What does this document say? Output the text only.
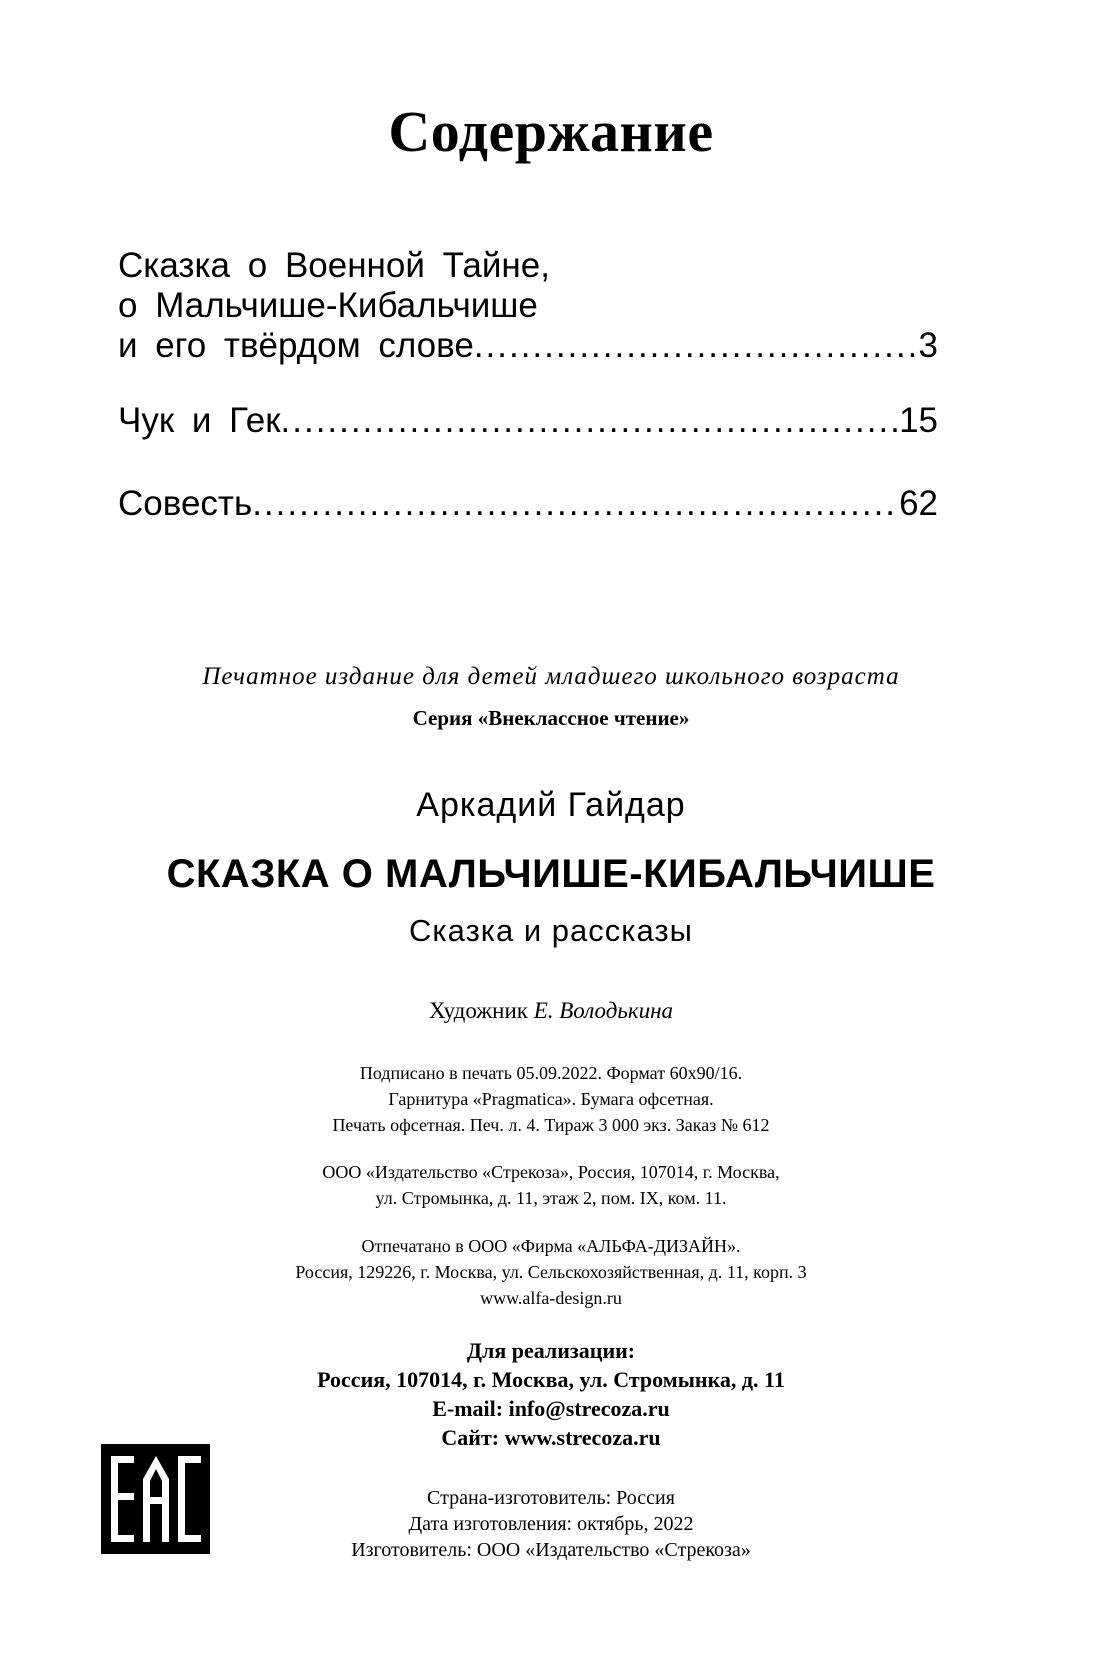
Содержание
Сказка о Военной Тайне,
о Мальчише-Кибальчише
и его твёрдом слове .....	3
Чук и Гек .....	15
Совесть .....	62
Печатное издание для детей младшего школьного возраста
Серия «Внеклассное чтение»
Аркадий Гайдар
СКАЗКА О МАЛЬЧИШЕ-КИБАЛЬЧИШЕ
Сказка и рассказы
Художник Е. Володькина
Подписано в печать 05.09.2022. Формат 60х90/16.
Гарнитура «Pragmatica». Бумага офсетная.
Печать офсетная. Печ. л. 4. Тираж 3 000 экз. Заказ № 612
ООО «Издательство «Стрекоза», Россия, 107014, г. Москва,
ул. Стромынка, д. 11, этаж 2, пом. IX, ком. 11.
Отпечатано в ООО «Фирма «АЛЬФА-ДИЗАЙН».
Россия, 129226, г. Москва, ул. Сельскохозяйственная, д. 11, корп. 3
www.alfa-design.ru
Для реализации:
Россия, 107014, г. Москва, ул. Стромынка, д. 11
E-mail: info@strecoza.ru
Сайт: www.strecoza.ru
Страна-изготовитель: Россия
Дата изготовления: октябрь, 2022
Изготовитель: ООО «Издательство «Стрекоза»
